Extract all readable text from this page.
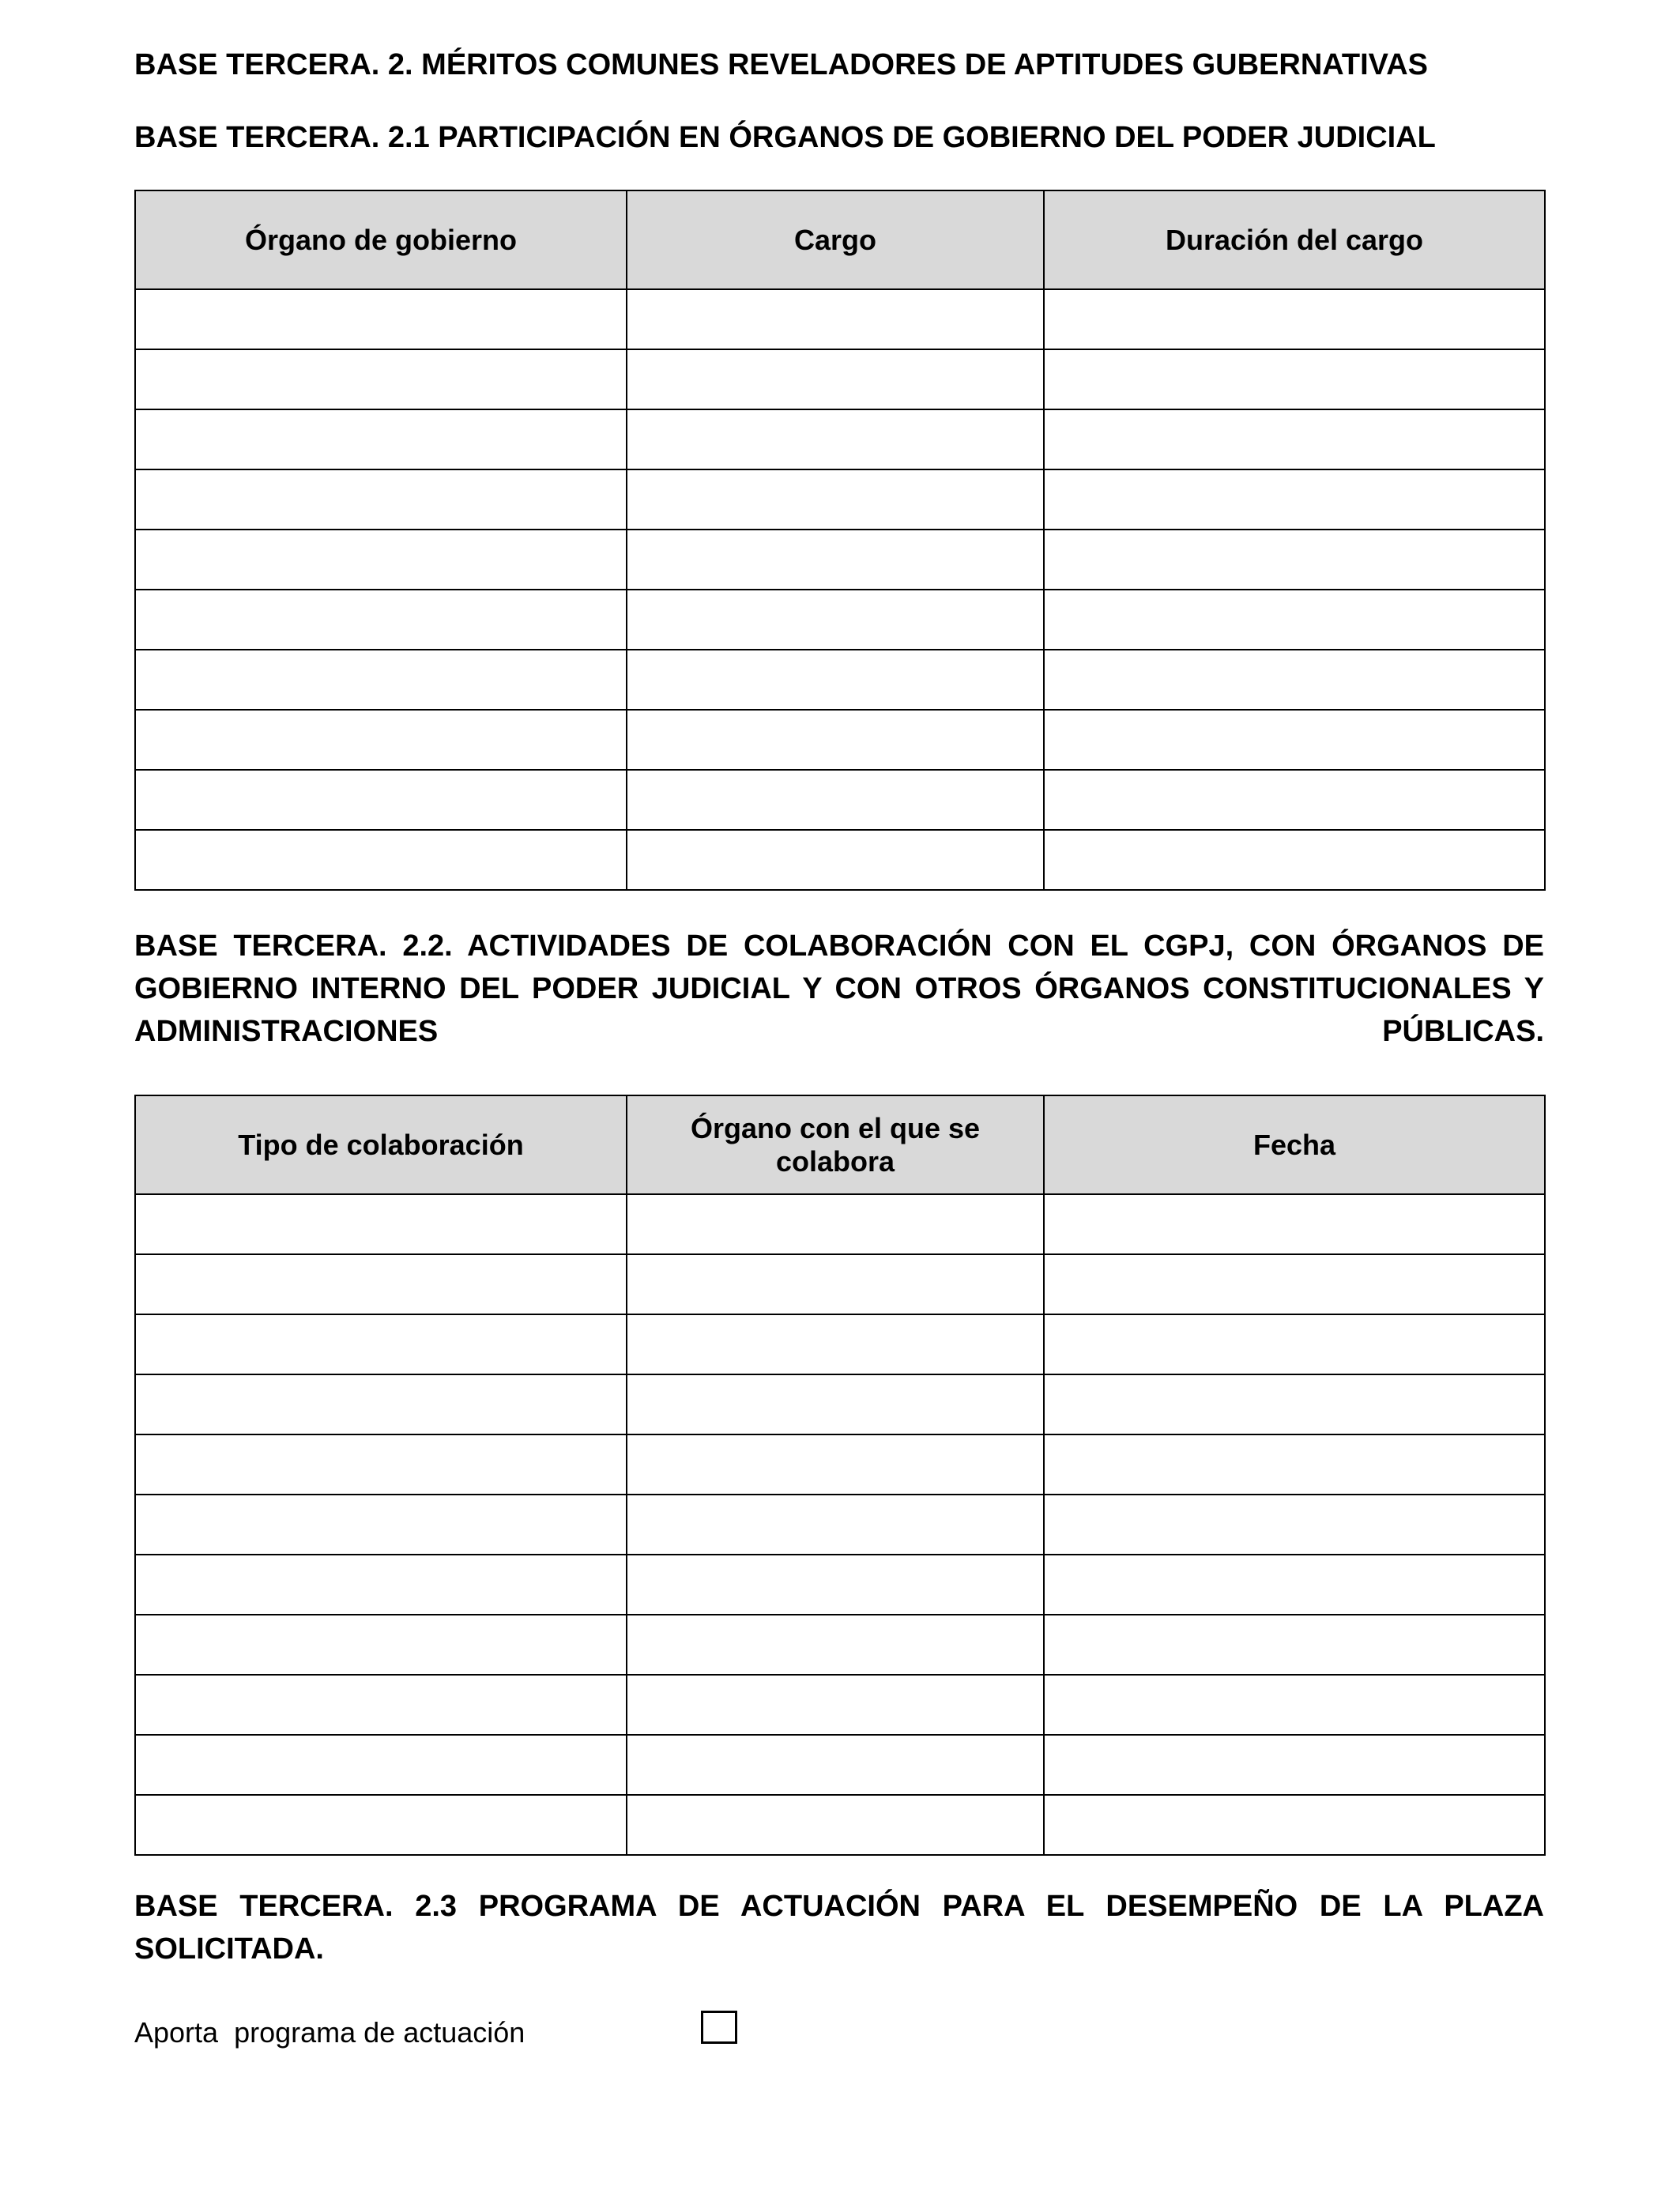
BASE TERCERA. 2. MÉRITOS COMUNES REVELADORES DE APTITUDES GUBERNATIVAS
BASE TERCERA. 2.1 PARTICIPACIÓN EN ÓRGANOS DE GOBIERNO DEL PODER JUDICIAL
Órgano de gobierno	Cargo	Duración del cargo

BASE TERCERA. 2.2. ACTIVIDADES DE COLABORACIÓN CON EL CGPJ, CON ÓRGANOS DE GOBIERNO INTERNO DEL PODER JUDICIAL Y CON OTROS ÓRGANOS CONSTITUCIONALES Y ADMINISTRACIONES PÚBLICAS.
Tipo de colaboración	Órgano con el que se colabora	Fecha

BASE TERCERA. 2.3 PROGRAMA DE ACTUACIÓN PARA EL DESEMPEÑO DE LA PLAZA SOLICITADA.
Aporta  programa de actuación
